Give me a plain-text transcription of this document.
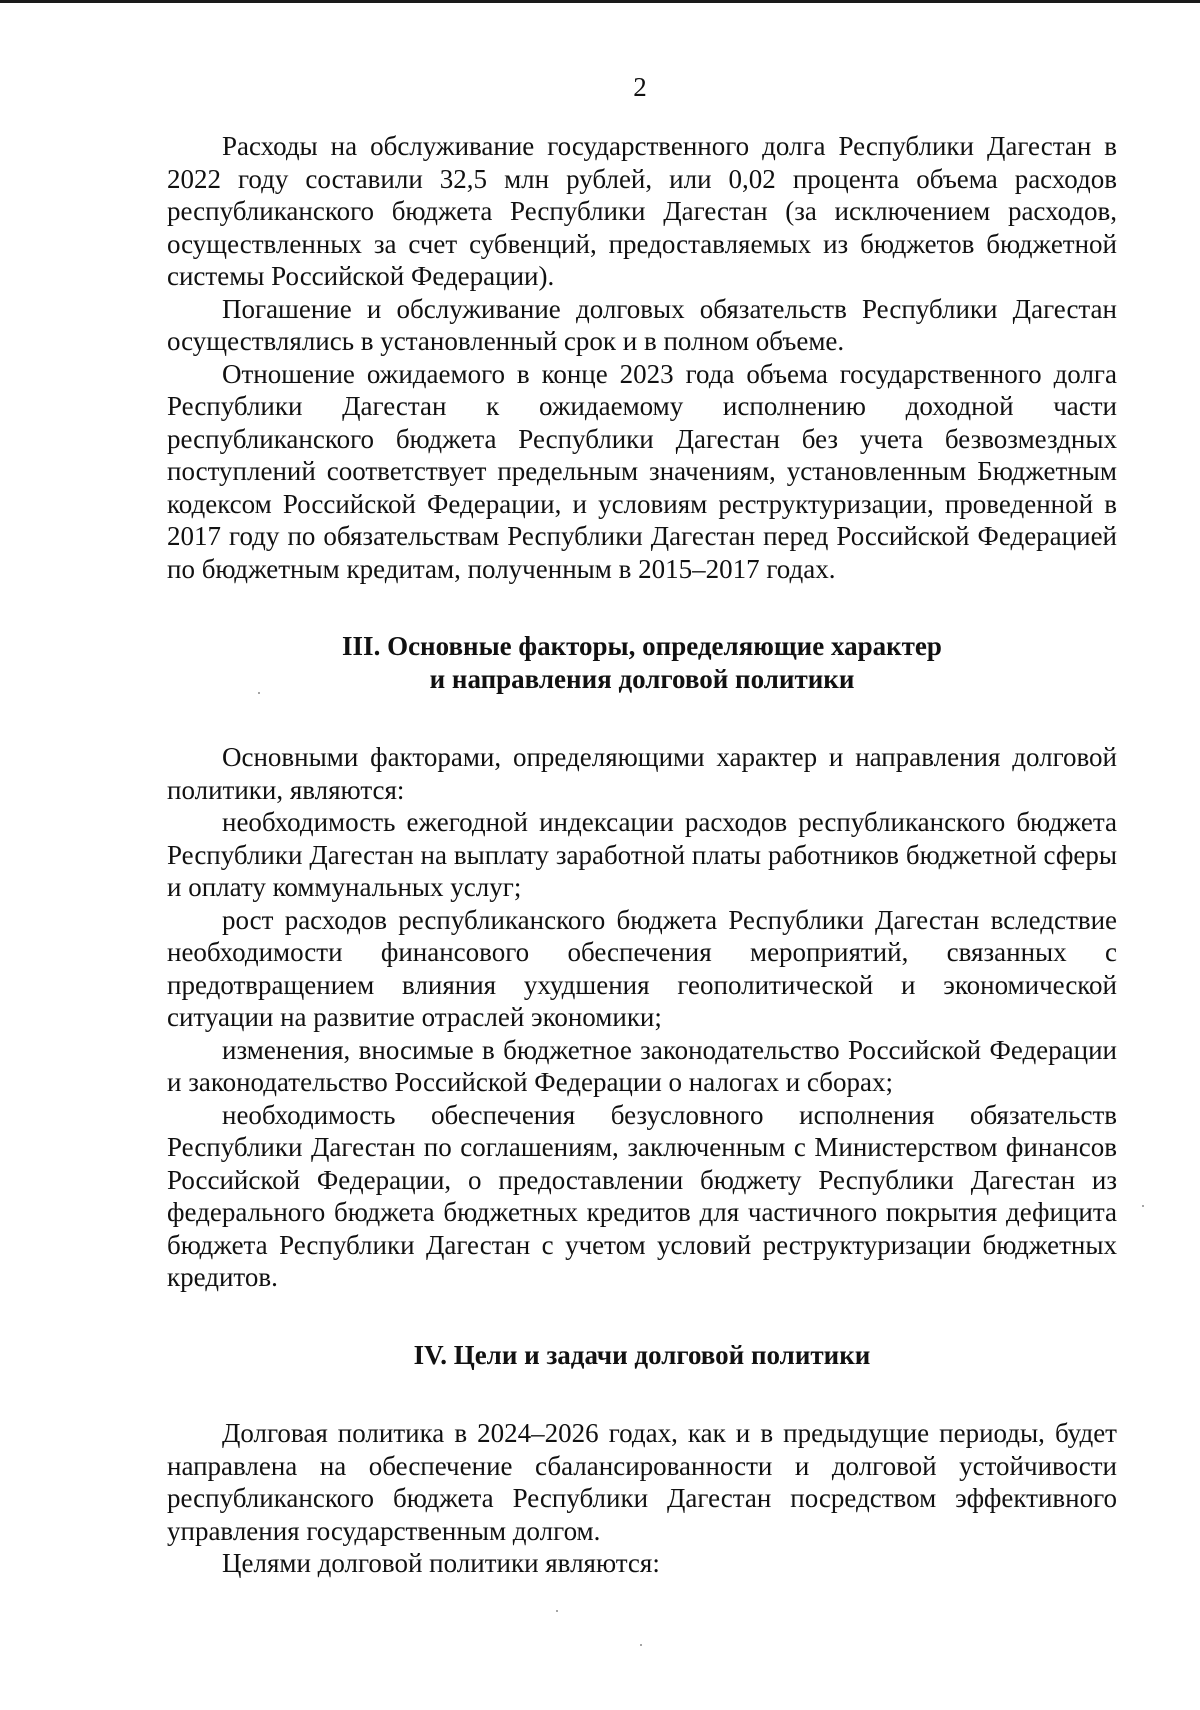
2

Расходы на обслуживание государственного долга Республики Дагестан в 2022 году составили 32,5 млн рублей, или 0,02 процента объема расходов республиканского бюджета Республики Дагестан (за исключением расходов, осуществленных за счет субвенций, предоставляемых из бюджетов бюджетной системы Российской Федерации).

Погашение и обслуживание долговых обязательств Республики Дагестан осуществлялись в установленный срок и в полном объеме.

Отношение ожидаемого в конце 2023 года объема государственного долга Республики Дагестан к ожидаемому исполнению доходной части республиканского бюджета Республики Дагестан без учета безвозмездных поступлений соответствует предельным значениям, установленным Бюджетным кодексом Российской Федерации, и условиям реструктуризации, проведенной в 2017 году по обязательствам Республики Дагестан перед Российской Федерацией по бюджетным кредитам, полученным в 2015–2017 годах.

III. Основные факторы, определяющие характер
и направления долговой политики

Основными факторами, определяющими характер и направления долговой политики, являются:

необходимость ежегодной индексации расходов республиканского бюджета Республики Дагестан на выплату заработной платы работников бюджетной сферы и оплату коммунальных услуг;

рост расходов республиканского бюджета Республики Дагестан вследствие необходимости финансового обеспечения мероприятий, связанных с предотвращением влияния ухудшения геополитической и экономической ситуации на развитие отраслей экономики;

изменения, вносимые в бюджетное законодательство Российской Федерации и законодательство Российской Федерации о налогах и сборах;

необходимость обеспечения безусловного исполнения обязательств Республики Дагестан по соглашениям, заключенным с Министерством финансов Российской Федерации, о предоставлении бюджету Республики Дагестан из федерального бюджета бюджетных кредитов для частичного покрытия дефицита бюджета Республики Дагестан с учетом условий реструктуризации бюджетных кредитов.

IV. Цели и задачи долговой политики

Долговая политика в 2024–2026 годах, как и в предыдущие периоды, будет направлена на обеспечение сбалансированности и долговой устойчивости республиканского бюджета Республики Дагестан посредством эффективного управления государственным долгом.

Целями долговой политики являются:
